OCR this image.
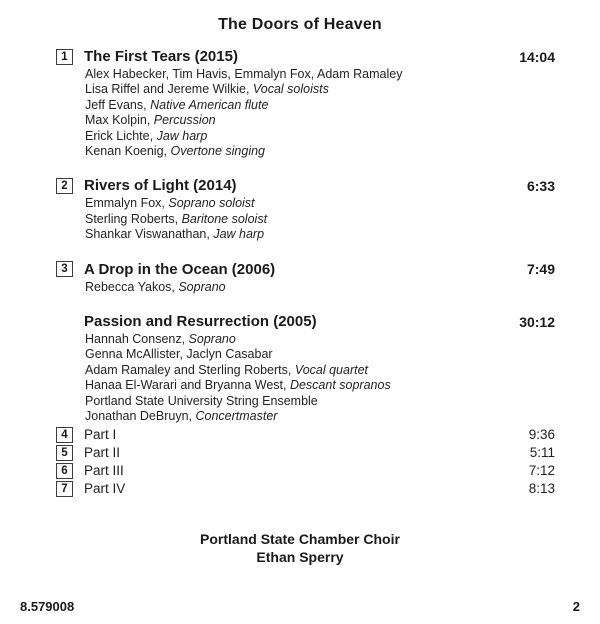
The Doors of Heaven
1	The First Tears (2015)	14:04
Alex Habecker, Tim Havis, Emmalyn Fox, Adam Ramaley
Lisa Riffel and Jereme Wilkie, Vocal soloists
Jeff Evans, Native American flute
Max Kolpin, Percussion
Erick Lichte, Jaw harp
Kenan Koenig, Overtone singing
2	Rivers of Light (2014)	6:33
Emmalyn Fox, Soprano soloist
Sterling Roberts, Baritone soloist
Shankar Viswanathan, Jaw harp
3	A Drop in the Ocean (2006)	7:49
Rebecca Yakos, Soprano
Passion and Resurrection (2005)	30:12
Hannah Consenz, Soprano
Genna McAllister, Jaclyn Casabar
Adam Ramaley and Sterling Roberts, Vocal quartet
Hanaa El-Warari and Bryanna West, Descant sopranos
Portland State University String Ensemble
Jonathan DeBruyn, Concertmaster
4	Part I	9:36
5	Part II	5:11
6	Part III	7:12
7	Part IV	8:13
Portland State Chamber Choir
Ethan Sperry
8.579008	2
